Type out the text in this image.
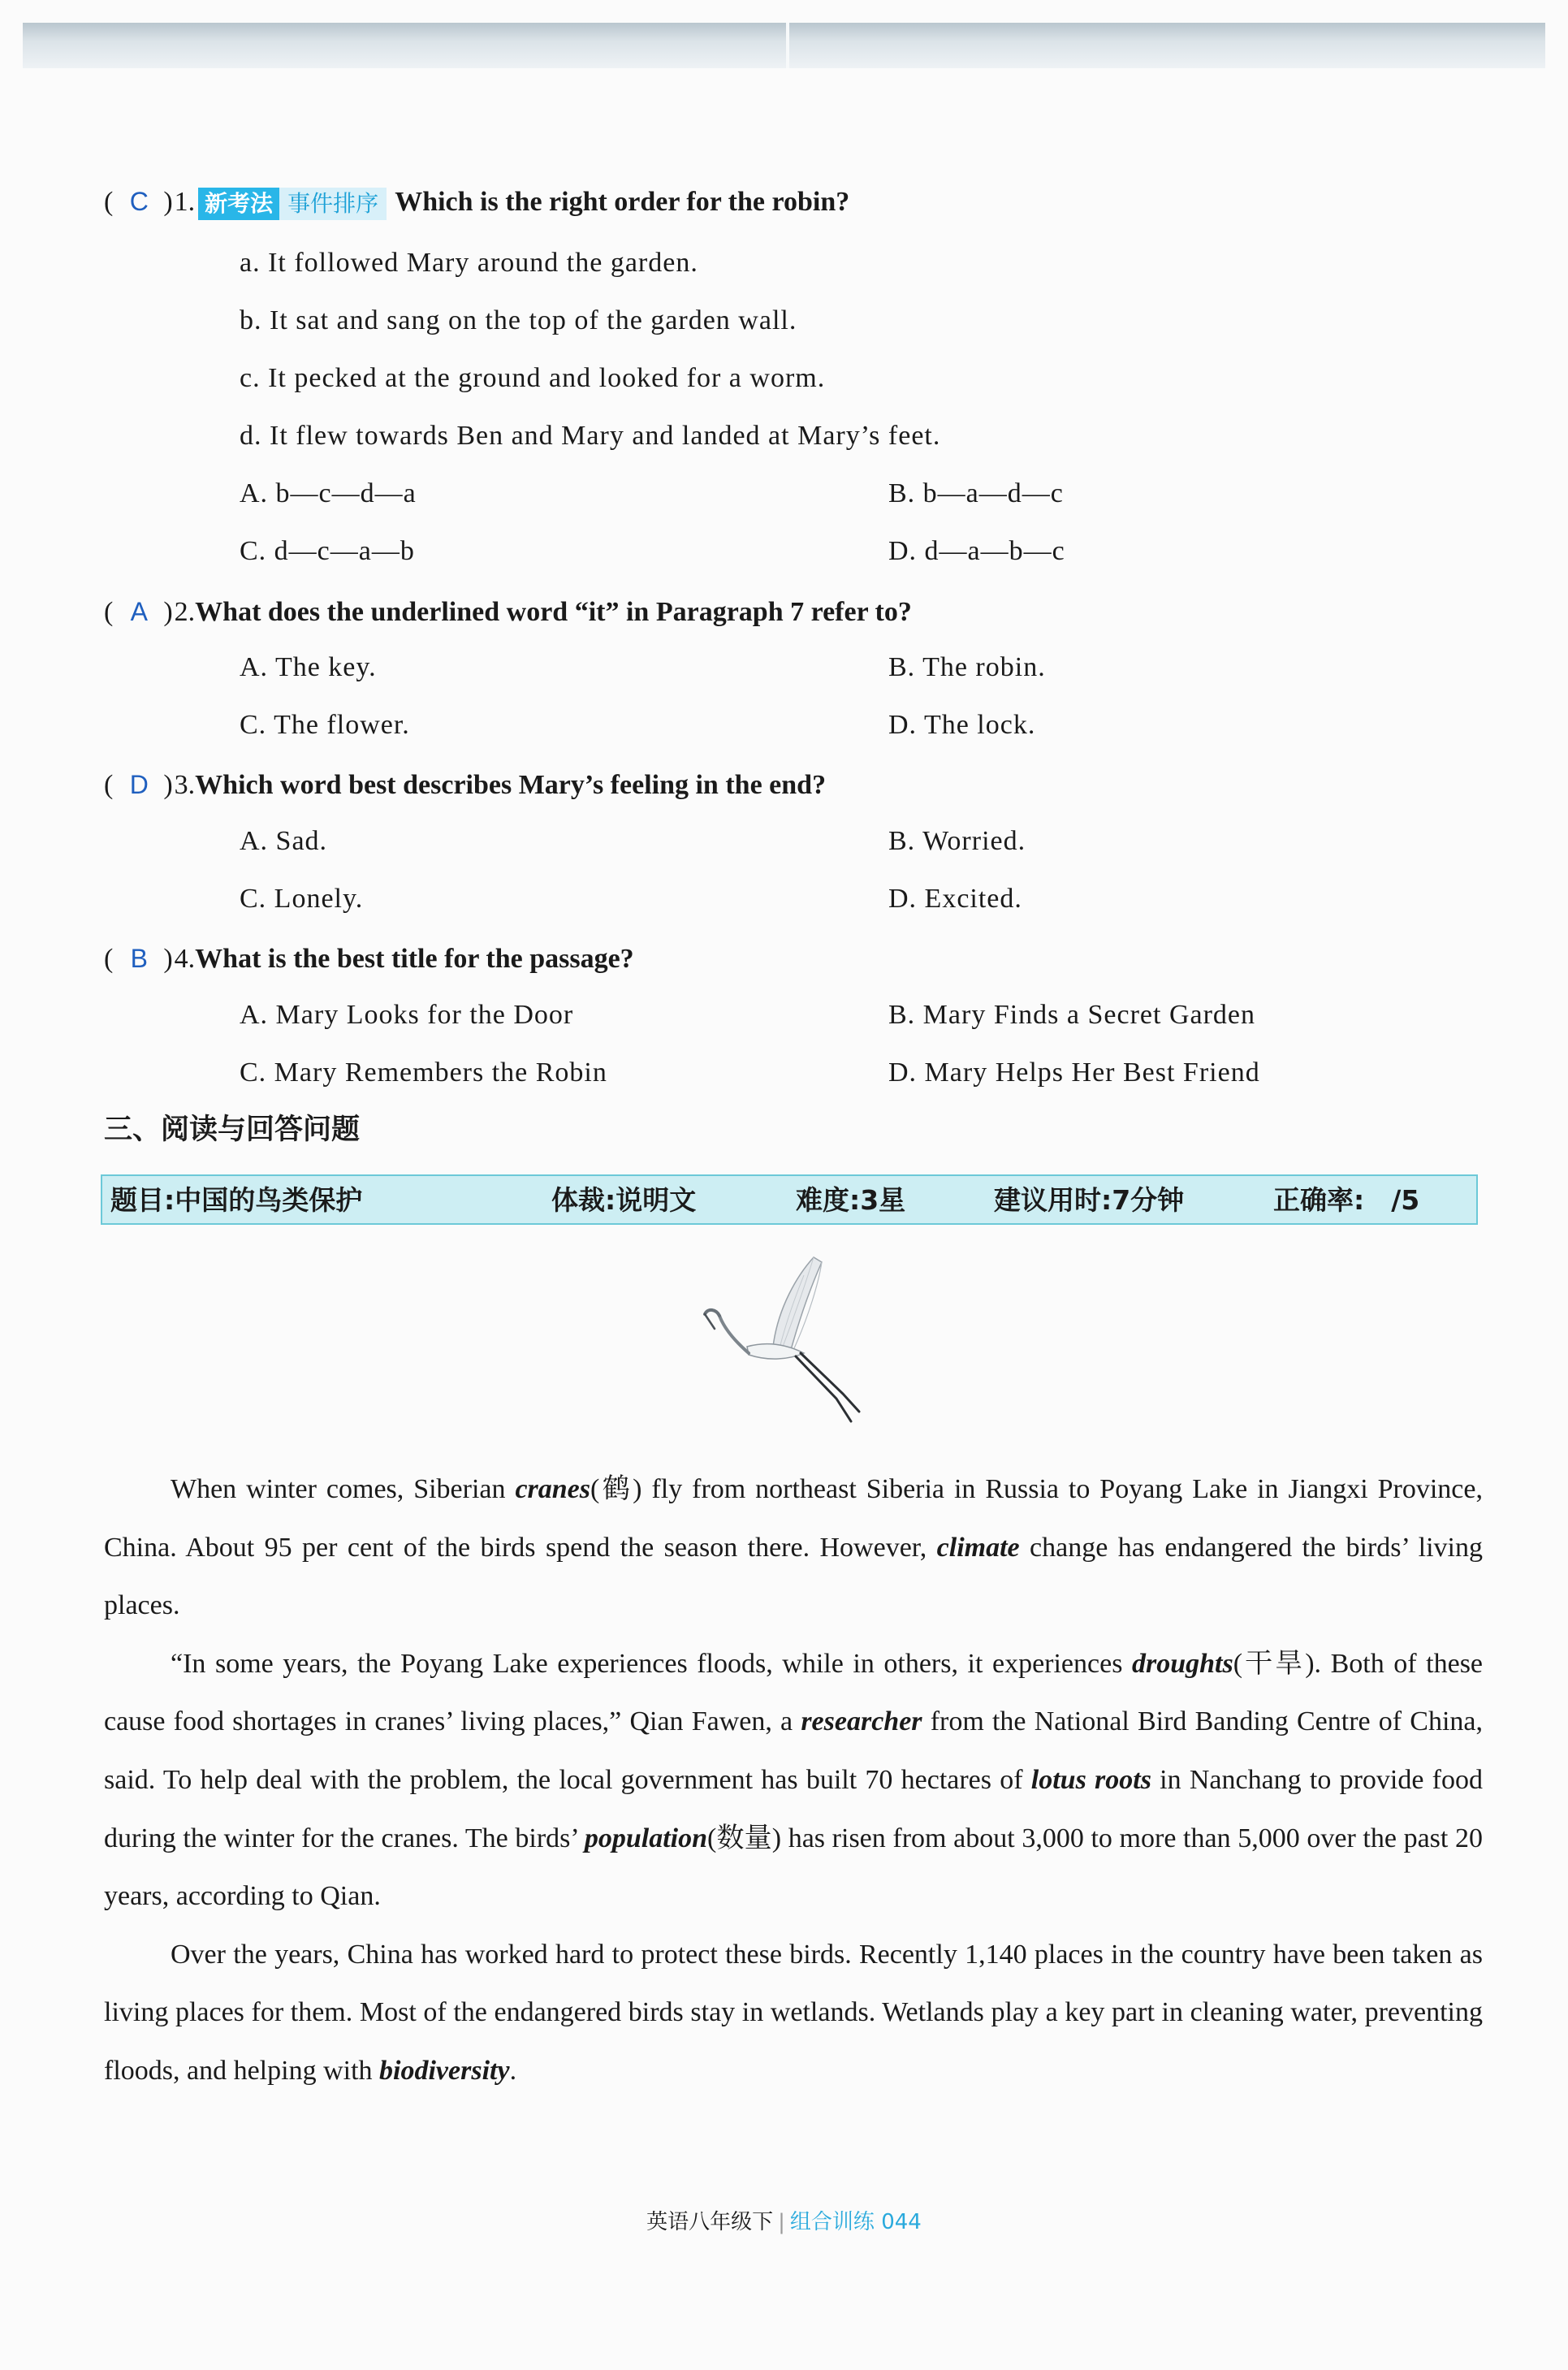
( C )1. 新考法 事件排序 Which is the right order for the robin?
a. It followed Mary around the garden.
b. It sat and sang on the top of the garden wall.
c. It pecked at the ground and looked for a worm.
d. It flew towards Ben and Mary and landed at Mary’s feet.
A. b—c—d—a	B. b—a—d—c
C. d—c—a—b	D. d—a—b—c
( A )2.What does the underlined word “it” in Paragraph 7 refer to?
A. The key.	B. The robin.
C. The flower.	D. The lock.
( D )3.Which word best describes Mary’s feeling in the end?
A. Sad.	B. Worried.
C. Lonely.	D. Excited.
( B )4.What is the best title for the passage?
A. Mary Looks for the Door	B. Mary Finds a Secret Garden
C. Mary Remembers the Robin	D. Mary Helps Her Best Friend
三、阅读与回答问题
题目:中国的鸟类保护	体裁:说明文	难度:3星	建议用时:7分钟	正确率:　/5

When winter comes, Siberian cranes(鹤) fly from northeast Siberia in Russia to Poyang Lake in Jiangxi Province, China. About 95 per cent of the birds spend the season there. However, climate change has endangered the birds’ living places.

“In some years, the Poyang Lake experiences floods, while in others, it experiences droughts(干旱). Both of these cause food shortages in cranes’ living places,” Qian Fawen, a researcher from the National Bird Banding Centre of China, said. To help deal with the problem, the local government has built 70 hectares of lotus roots in Nanchang to provide food during the winter for the cranes. The birds’ population(数量) has risen from about 3,000 to more than 5,000 over the past 20 years, according to Qian.

Over the years, China has worked hard to protect these birds. Recently 1,140 places in the country have been taken as living places for them. Most of the endangered birds stay in wetlands. Wetlands play a key part in cleaning water, preventing floods, and helping with biodiversity.

英语八年级下 | 组合训练 044
